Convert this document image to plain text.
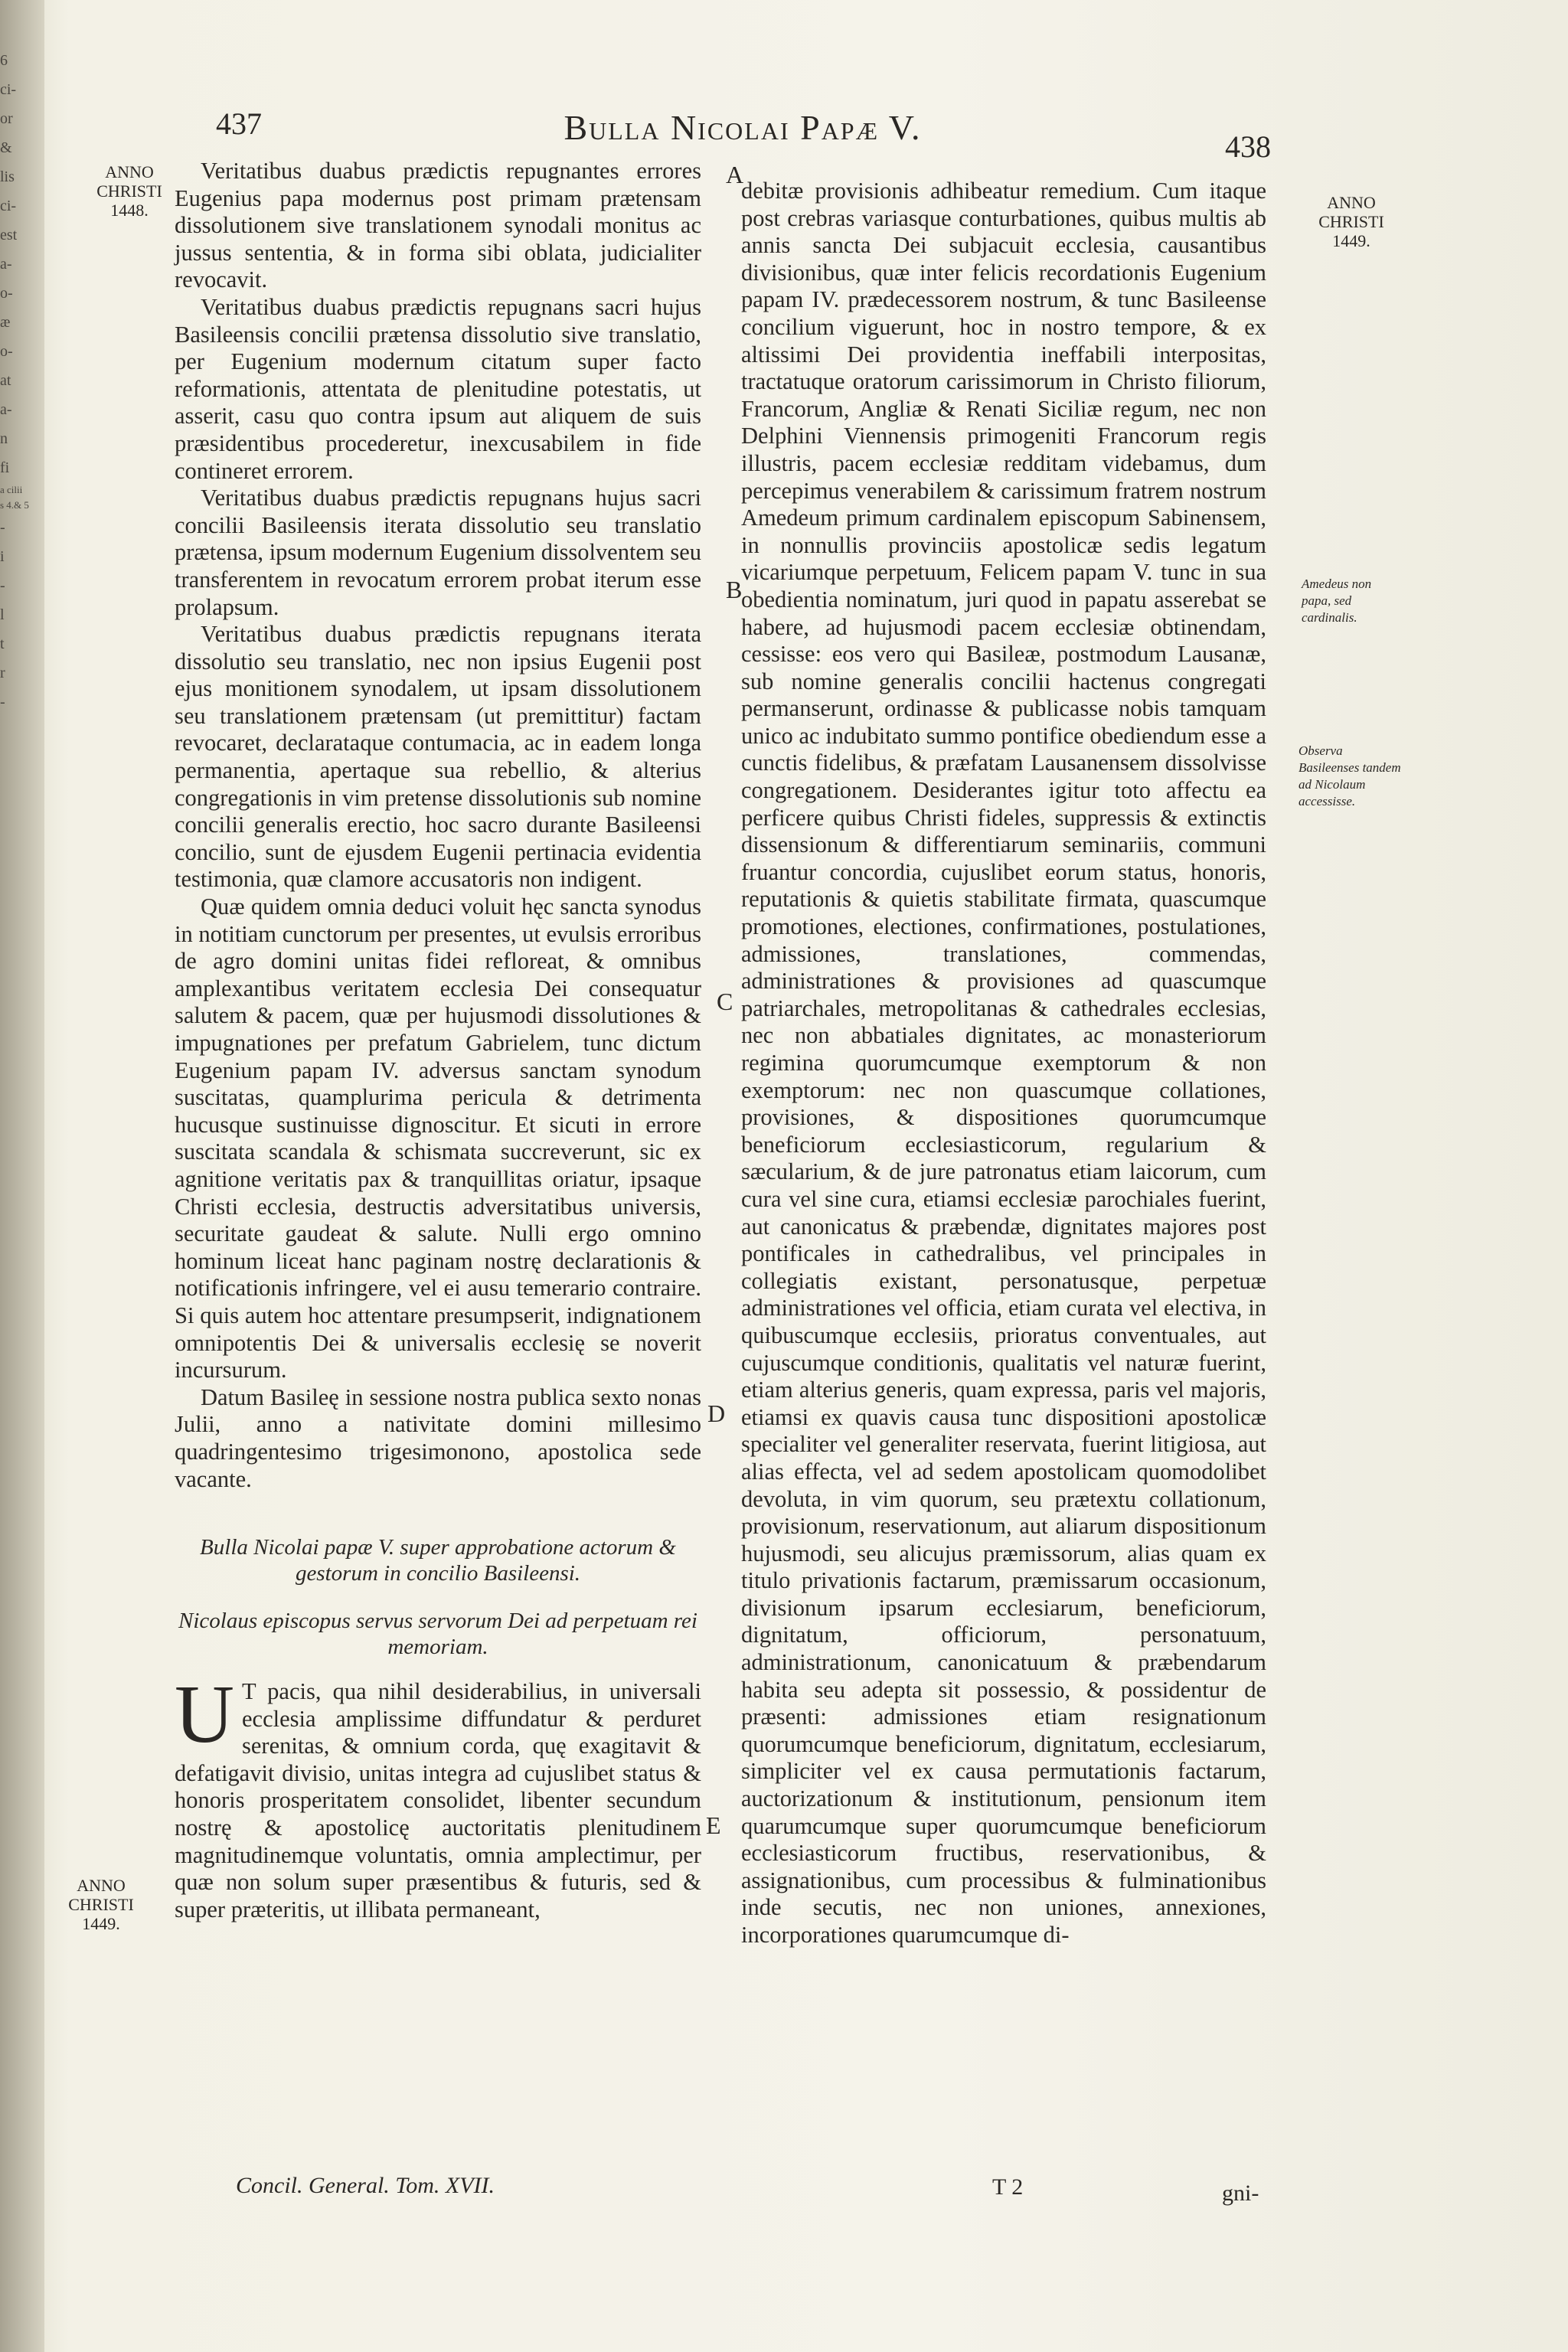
6
ci-
or
&
lis
ci-
est
a-
o-
æ
o-
at
a-
n
fi
a cilii
s 4.& 5
-
i
-
l
t
r
-
437	Bulla Nicolai Papæ V.	438
ANNO
CHRISTI
1448.
ANNO
CHRISTI
1449.
ANNO
CHRISTI
1449.
Amedeus non papa, sed cardinalis.
Observa Basileenses tandem ad Nicolaum accessisse.
A
B
C
D
E

Veritatibus duabus prædictis repugnantes errores Eugenius papa modernus post primam prætensam dissolutionem sive translationem synodali monitus ac jussus sententia, & in forma sibi oblata, judicialiter revocavit.

Veritatibus duabus prædictis repugnans sacri hujus Basileensis concilii prætensa dissolutio sive translatio, per Eugenium modernum citatum super facto reformationis, attentata de plenitudine potestatis, ut asserit, casu quo contra ipsum aut aliquem de suis præsidentibus procederetur, inexcusabilem in fide contineret errorem.

Veritatibus duabus prædictis repugnans hujus sacri concilii Basileensis iterata dissolutio seu translatio prætensa, ipsum modernum Eugenium dissolventem seu transferentem in revocatum errorem probat iterum esse prolapsum.

Veritatibus duabus prædictis repugnans iterata dissolutio seu translatio, nec non ipsius Eugenii post ejus monitionem synodalem, ut ipsam dissolutionem seu translationem prætensam (ut premittitur) factam revocaret, declarataque contumacia, ac in eadem longa permanentia, apertaque sua rebellio, & alterius congregationis in vim pretense dissolutionis sub nomine concilii generalis erectio, hoc sacro durante Basileensi concilio, sunt de ejusdem Eugenii pertinacia evidentia testimonia, quæ clamore accusatoris non indigent.

Quæ quidem omnia deduci voluit hęc sancta synodus in notitiam cunctorum per presentes, ut evulsis erroribus de agro domini unitas fidei refloreat, & omnibus amplexantibus veritatem ecclesia Dei consequatur salutem & pacem, quæ per hujusmodi dissolutiones & impugnationes per prefatum Gabrielem, tunc dictum Eugenium papam IV. adversus sanctam synodum suscitatas, quamplurima pericula & detrimenta hucusque sustinuisse dignoscitur. Et sicuti in errore suscitata scandala & schismata succreverunt, sic ex agnitione veritatis pax & tranquillitas oriatur, ipsaque Christi ecclesia, destructis adversitatibus universis, securitate gaudeat & salute. Nulli ergo omnino hominum liceat hanc paginam nostrę declarationis & notificationis infringere, vel ei ausu temerario contraire. Si quis autem hoc attentare presumpserit, indignationem omnipotentis Dei & universalis ecclesię se noverit incursurum.

Datum Basileę in sessione nostra publica sexto nonas Julii, anno a nativitate domini millesimo quadringentesimo trigesimonono, apostolica sede vacante.

Bulla Nicolai papæ V. super approbatione actorum & gestorum in concilio Basileensi.

Nicolaus episcopus servus servorum Dei ad perpetuam rei memoriam.

U T pacis, qua nihil desiderabilius, in universali ecclesia amplissime diffundatur & perduret serenitas, & omnium corda, quę exagitavit & defatigavit divisio, unitas integra ad cujuslibet status & honoris prosperitatem consolidet, libenter secundum nostrę & apostolicę auctoritatis plenitudinem magnitudinemque voluntatis, omnia amplectimur, per quæ non solum super præsentibus & futuris, sed & super præteritis, ut illibata permaneant,

debitæ provisionis adhibeatur remedium. Cum itaque post crebras variasque conturbationes, quibus multis ab annis sancta Dei subjacuit ecclesia, causantibus divisionibus, quæ inter felicis recordationis Eugenium papam IV. prædecessorem nostrum, & tunc Basileense concilium viguerunt, hoc in nostro tempore, & ex altissimi Dei providentia ineffabili interpositas, tractatuque oratorum carissimorum in Christo filiorum, Francorum, Angliæ & Renati Siciliæ regum, nec non Delphini Viennensis primogeniti Francorum regis illustris, pacem ecclesiæ redditam videbamus, dum percepimus venerabilem & carissimum fratrem nostrum Amedeum primum cardinalem episcopum Sabinensem, in nonnullis provinciis apostolicæ sedis legatum vicariumque perpetuum, Felicem papam V. tunc in sua obedientia nominatum, juri quod in papatu asserebat se habere, ad hujusmodi pacem ecclesiæ obtinendam, cessisse: eos vero qui Basileæ, postmodum Lausanæ, sub nomine generalis concilii hactenus congregati permanserunt, ordinasse & publicasse nobis tamquam unico ac indubitato summo pontifice obediendum esse a cunctis fidelibus, & præfatam Lausanensem dissolvisse congregationem. Desiderantes igitur toto affectu ea perficere quibus Christi fideles, suppressis & extinctis dissensionum & differentiarum seminariis, communi fruantur concordia, cujuslibet eorum status, honoris, reputationis & quietis stabilitate firmata, quascumque promotiones, electiones, confirmationes, postulationes, admissiones, translationes, commendas, administrationes & provisiones ad quascumque patriarchales, metropolitanas & cathedrales ecclesias, nec non abbatiales dignitates, ac monasteriorum regimina quorumcumque exemptorum & non exemptorum: nec non quascumque collationes, provisiones, & dispositiones quorumcumque beneficiorum ecclesiasticorum, regularium & sæcularium, & de jure patronatus etiam laicorum, cum cura vel sine cura, etiamsi ecclesiæ parochiales fuerint, aut canonicatus & præbendæ, dignitates majores post pontificales in cathedralibus, vel principales in collegiatis existant, personatusque, perpetuæ administrationes vel officia, etiam curata vel electiva, in quibuscumque ecclesiis, prioratus conventuales, aut cujuscumque conditionis, qualitatis vel naturæ fuerint, etiam alterius generis, quam expressa, paris vel majoris, etiamsi ex quavis causa tunc dispositioni apostolicæ specialiter vel generaliter reservata, fuerint litigiosa, aut alias effecta, vel ad sedem apostolicam quomodolibet devoluta, in vim quorum, seu prætextu collationum, provisionum, reservationum, aut aliarum dispositionum hujusmodi, seu alicujus præmissorum, alias quam ex titulo privationis factarum, præmissarum occasionum, divisionum ipsarum ecclesiarum, beneficiorum, dignitatum, officiorum, personatuum, administrationum, canonicatuum & præbendarum habita seu adepta sit possessio, & possidentur de præsenti: admissiones etiam resignationum quorumcumque beneficiorum, dignitatum, ecclesiarum, simpliciter vel ex causa permutationis factarum, auctorizationum & institutionum, pensionum item quarumcumque super quorumcumque beneficiorum ecclesiasticorum fructibus, reservationibus, & assignationibus, cum processibus & fulminationibus inde secutis, nec non uniones, annexiones, incorporationes quarumcumque di-

Concil. General. Tom. XVII.	T 2	gni-
